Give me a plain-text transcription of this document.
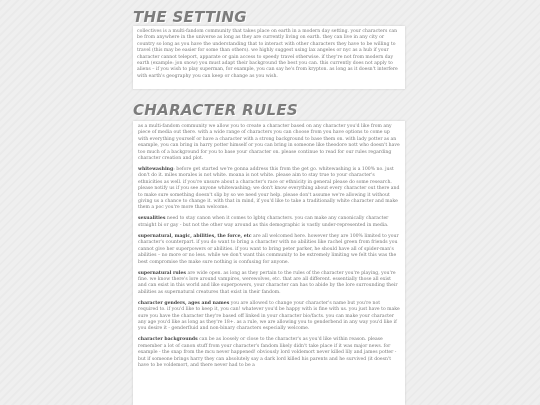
THE SETTING

collectives is a multi-fandom community that takes place on earth in a modern day setting. your characters can be from anywhere in the universe as long as they are currently living on earth. they can live in any city or country so long as you have the understanding that to interact with other characters they have to be willing to travel (this may be easier for some than others). we highly suggest using lax angeles or nyc as a hub if your character cannot teleport, apparate or gain access to speedy travel otherwise. if they're not from modern day earth (example: jon snow) you must adapt their background the best you can. this currently does not apply to aliens – if you wish to play superman, for example, you can say he's from krypton. as long as it doesn't interfere with earth's geography you can keep or change as you wish.

CHARACTER RULES

as a multi-fandom community we allow you to create a character based on any character you'd like from any piece of media out there. with a wide range of characters you can choose from you have options to come up with everything yourself or have a character with a strong background to base them on. with lady potter as an example, you can bring in harry potter himself or you can bring in someone like theodore nott who doesn't have too much of a background for you to base your character on. please continue to read for our rules regarding character creation and plot.

whitewashing: before get started we're gonna address this from the get go. whitewashing is a 100% no. just don't do it. miles morales is not white. moana is not white. please aim to stay true to your character's ethnicities as well. if you're unsure about a character's race or ethnicity in general please do some research. please notify us if you see anyone whitewashing; we don't know everything about every character out there and to make sure something doesn't slip by so we need your help. please don't assume we're allowing it without giving us a chance to change it. with that in mind, if you'd like to take a traditionally white character and make them a poc you're more than welcome.

sexualities need to stay canon when it comes to lgbtq characters. you can make any canonically character straight bi or gay - but not the other way around as this demographic is vastly under-represented in media.

supernatural, magic, abilities, the force, etc are all welcomed here. however they are 100% limited to your character's counterpart. if you do want to bring a character with no abilities like rachel green from friends you cannot give her superpowers or abilities. if you want to bring peter parker, he should have all of spider-man's abilities – no more or no less. while we don't want this community to be extremely limiting we felt this was the best compromise the make sure nothing is confusing for anyone.

supernatural rules are wide open. as long as they pertain to the rules of the character you're playing, you're fine. we know there's lore around vampires, werewolves, etc. that are all different. essentially those all exist and can exist in this world and like superpowers, your character can has to abide by the lore surrounding their abilities as supernatural creatures that exist in their fandom.

character genders, ages and names you are allowed to change your character's name but you're not required to. if you'd like to keep it, you can! whatever you'd be happy with is fine with us. you just have to make sure you have the character they're based off linked in your character bio/facts. you can make your character any age you'd like as long as they're 18+. as a rule, we are allowing you to genderbend in any way you'd like if you desire it - genderfluid and non-binary characters especially welcome.

character backgrounds can be as loosely or close to the character's as you'd like within reason. please remember a lot of canon stuff from your character's fandom likely didn't take place if it was major news. for example - the snap from the mcu never happened! obviously lord voldemort never killed lily and james potter - but if someone brings harry they can absolutely say a dark lord killed his parents and he survived (it doesn't have to be voldemort, and there never had to be a
